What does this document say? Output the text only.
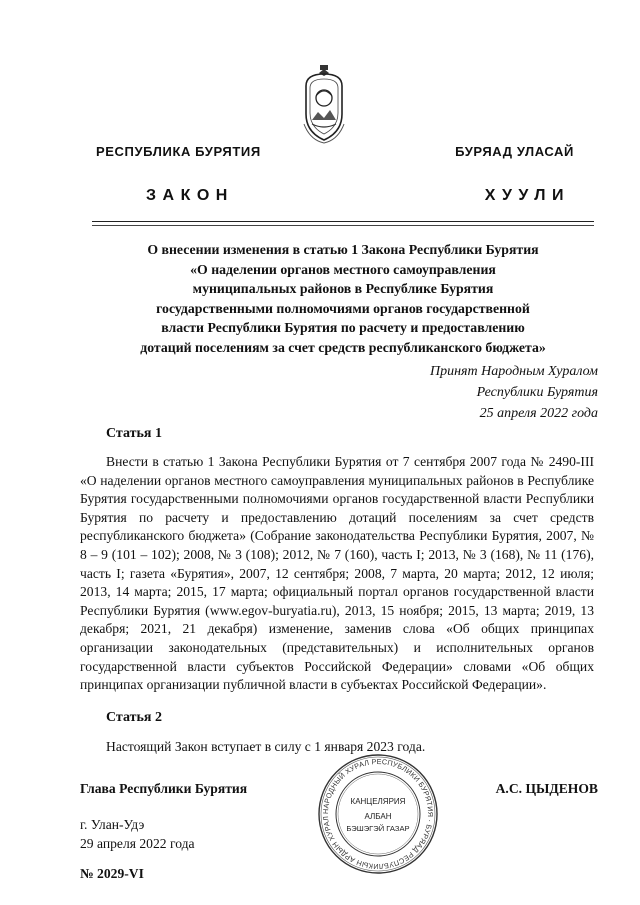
РЕСПУБЛИКА БУРЯТИЯ	БУРЯАД УЛАСАЙ
ЗАКОН	ХУУЛИ
О внесении изменения в статью 1 Закона Республики Бурятия
«О наделении органов местного самоуправления
муниципальных районов в Республике Бурятия
государственными полномочиями органов государственной
власти Республики Бурятия по расчету и предоставлению
дотаций поселениям за счет средств республиканского бюджета»
Принят Народным Хуралом
Республики Бурятия
25 апреля 2022 года
Статья 1

Внести в статью 1 Закона Республики Бурятия от 7 сентября 2007 года № 2490-III «О наделении органов местного самоуправления муниципальных районов в Республике Бурятия государственными полномочиями органов государственной власти Республики Бурятия по расчету и предоставлению дотаций поселениям за счет средств республиканского бюджета» (Собрание законодательства Республики Бурятия, 2007, № 8 – 9 (101 – 102); 2008, № 3 (108); 2012, № 7 (160), часть I; 2013, № 3 (168), № 11 (176), часть I; газета «Бурятия», 2007, 12 сентября; 2008, 7 марта, 20 марта; 2012, 12 июля; 2013, 14 марта; 2015, 17 марта; официальный портал органов государственной власти Республики Бурятия (www.egov-buryatia.ru), 2013, 15 ноября; 2015, 13 марта; 2019, 13 декабря; 2021, 21 декабря) изменение, заменив слова «Об общих принципах организации законодательных (представительных) и исполнительных органов государственной власти субъектов Российской Федерации» словами «Об общих принципах организации публичной власти в субъектах Российской Федерации».

Статья 2
Настоящий Закон вступает в силу с 1 января 2023 года.
Глава Республики Бурятия	А.С. ЦЫДЕНОВ
НАРОДНЫЙ ХУРАЛ РЕСПУБЛИКИ БУРЯТИЯ · БУРЯАД РЕСПУБЛИКЫН АРДЫН ХУРАЛ
КАНЦЕЛЯРИЯ
АЛБАН
БЭШЭГЭЙ ГАЗАР
г. Улан-Удэ
29 апреля 2022 года
№ 2029-VI
